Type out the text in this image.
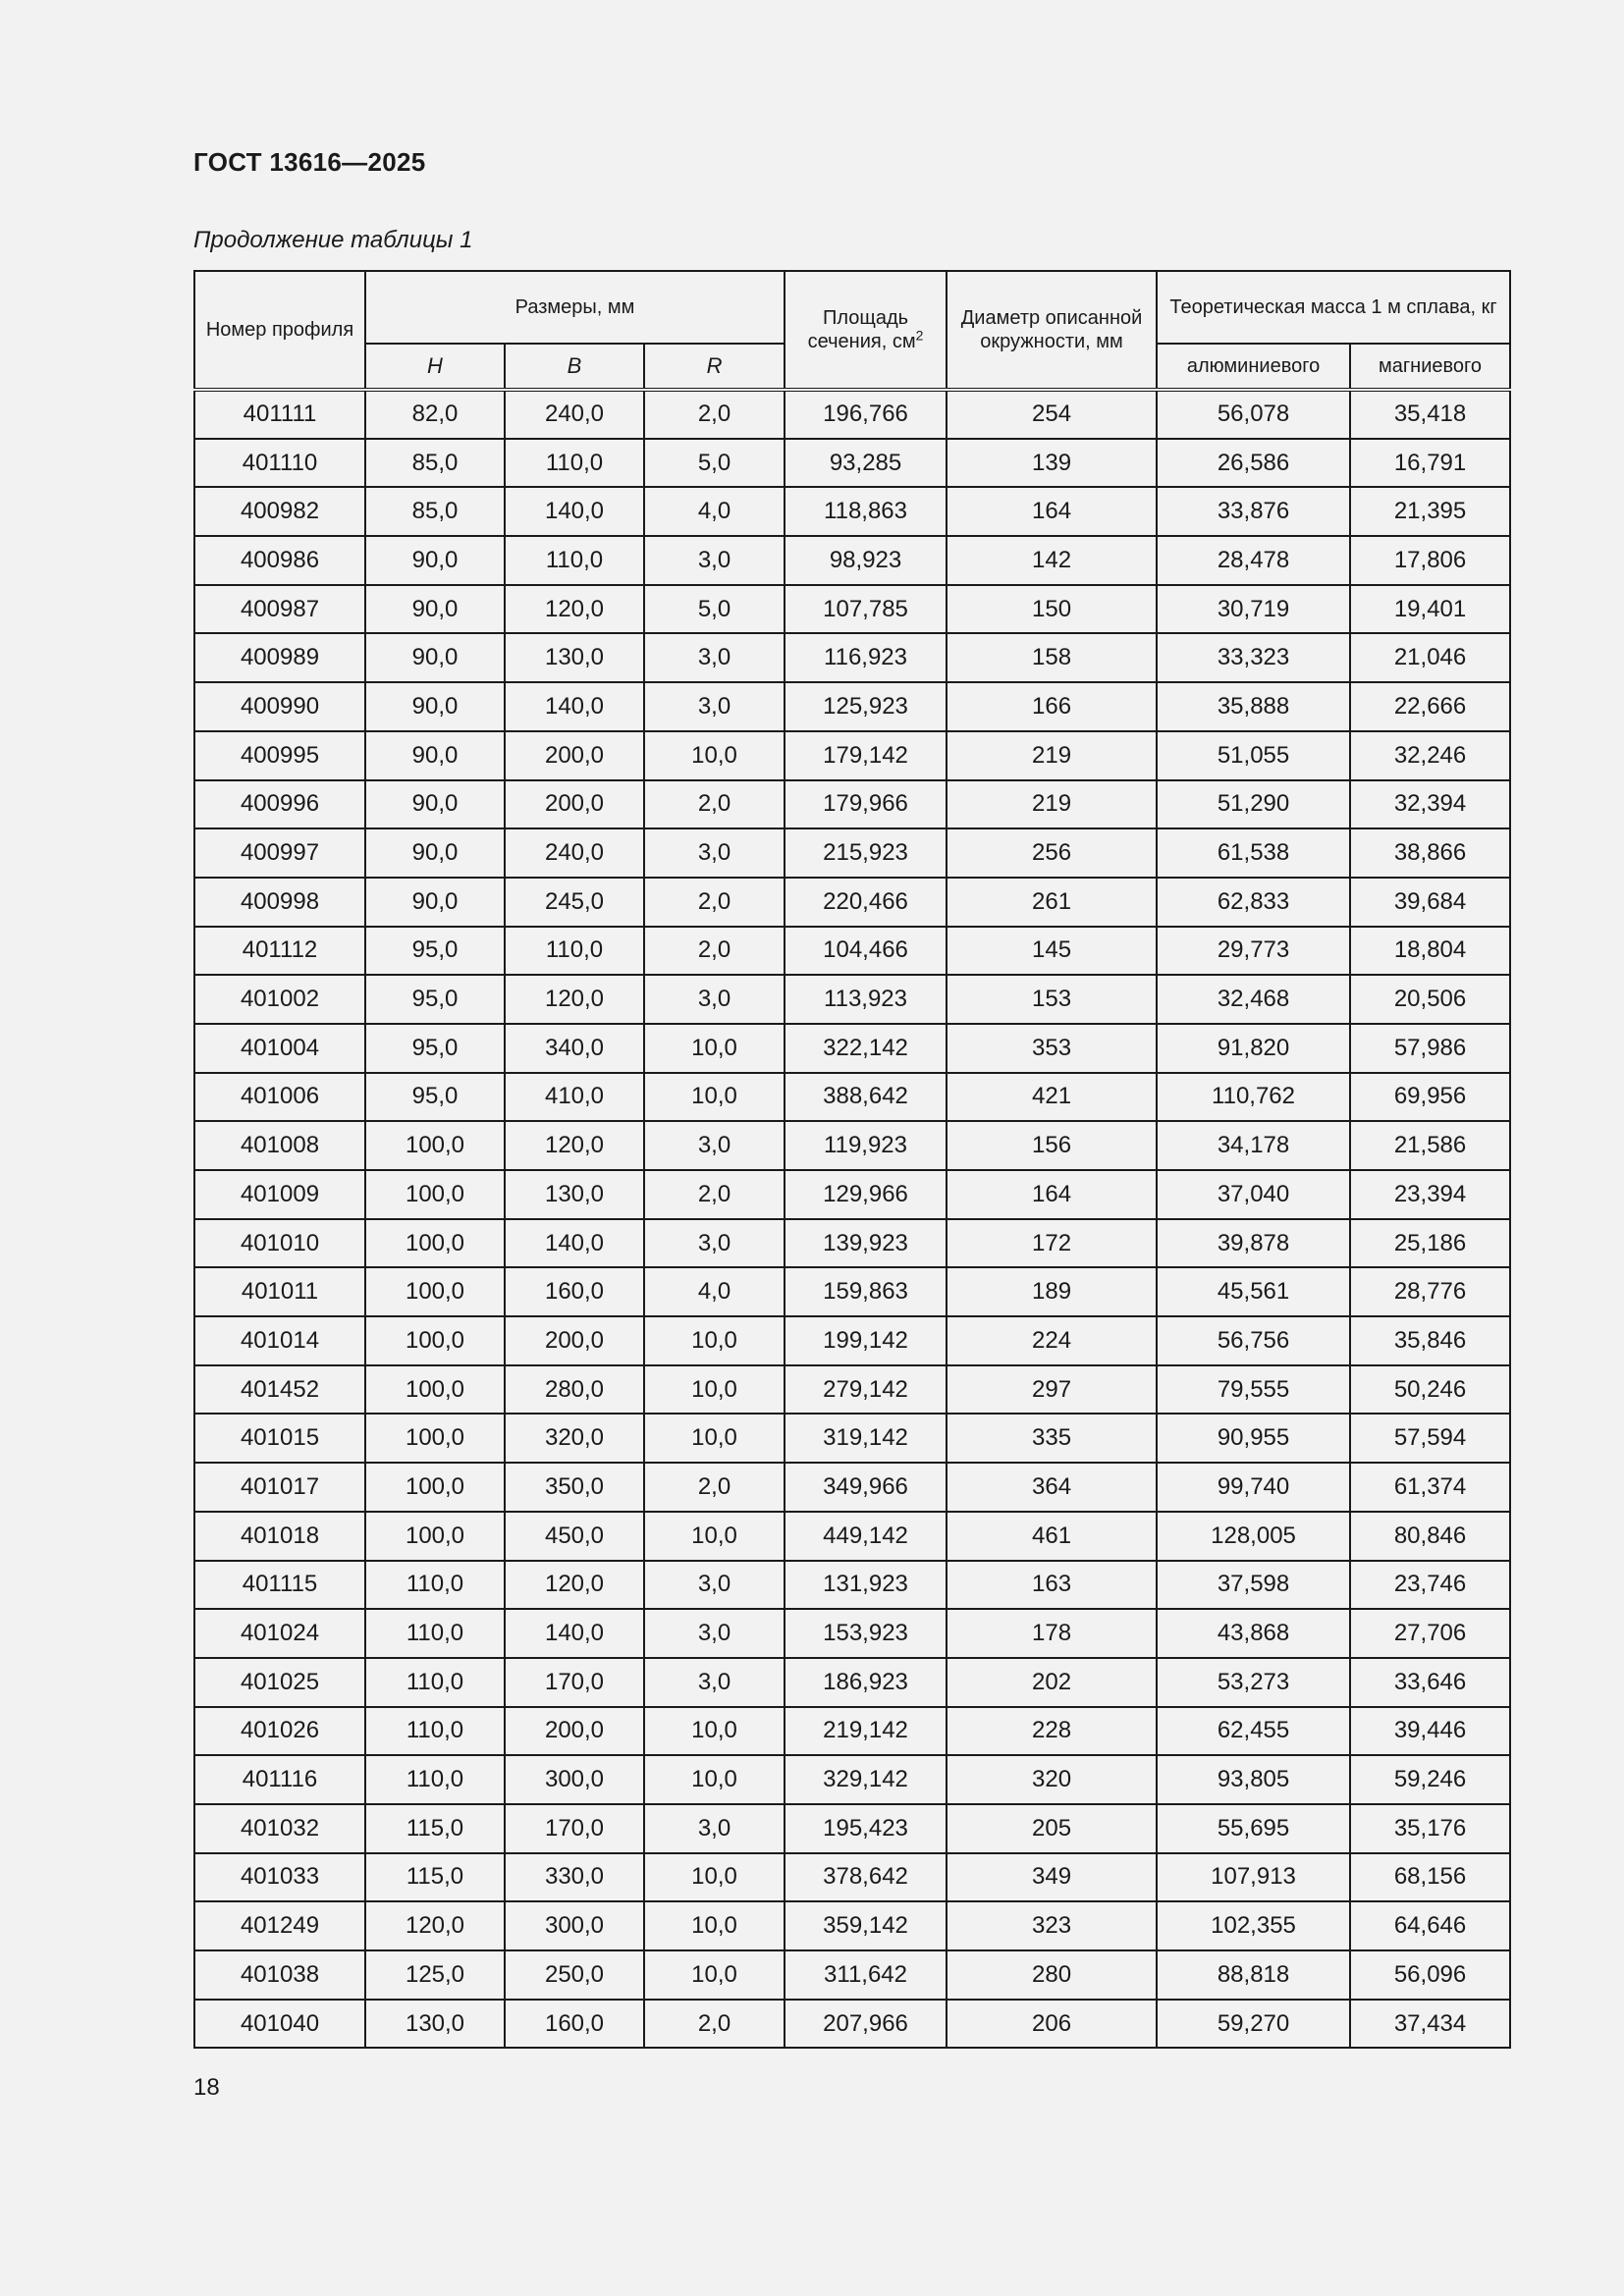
ГОСТ 13616—2025
Продолжение таблицы 1
Номер профиля	Размеры, мм			Площадь сечения, $см^2$	Диаметр описанной окружности, мм	Теоретическая масса 1 м сплава, кг	
	H	B	R			алюминиевого	магниевого
401111	82,0	240,0	2,0	196,766	254	56,078	35,418
401110	85,0	110,0	5,0	93,285	139	26,586	16,791
400982	85,0	140,0	4,0	118,863	164	33,876	21,395
400986	90,0	110,0	3,0	98,923	142	28,478	17,806
400987	90,0	120,0	5,0	107,785	150	30,719	19,401
400989	90,0	130,0	3,0	116,923	158	33,323	21,046
400990	90,0	140,0	3,0	125,923	166	35,888	22,666
400995	90,0	200,0	10,0	179,142	219	51,055	32,246
400996	90,0	200,0	2,0	179,966	219	51,290	32,394
400997	90,0	240,0	3,0	215,923	256	61,538	38,866
400998	90,0	245,0	2,0	220,466	261	62,833	39,684
401112	95,0	110,0	2,0	104,466	145	29,773	18,804
401002	95,0	120,0	3,0	113,923	153	32,468	20,506
401004	95,0	340,0	10,0	322,142	353	91,820	57,986
401006	95,0	410,0	10,0	388,642	421	110,762	69,956
401008	100,0	120,0	3,0	119,923	156	34,178	21,586
401009	100,0	130,0	2,0	129,966	164	37,040	23,394
401010	100,0	140,0	3,0	139,923	172	39,878	25,186
401011	100,0	160,0	4,0	159,863	189	45,561	28,776
401014	100,0	200,0	10,0	199,142	224	56,756	35,846
401452	100,0	280,0	10,0	279,142	297	79,555	50,246
401015	100,0	320,0	10,0	319,142	335	90,955	57,594
401017	100,0	350,0	2,0	349,966	364	99,740	61,374
401018	100,0	450,0	10,0	449,142	461	128,005	80,846
401115	110,0	120,0	3,0	131,923	163	37,598	23,746
401024	110,0	140,0	3,0	153,923	178	43,868	27,706
401025	110,0	170,0	3,0	186,923	202	53,273	33,646
401026	110,0	200,0	10,0	219,142	228	62,455	39,446
401116	110,0	300,0	10,0	329,142	320	93,805	59,246
401032	115,0	170,0	3,0	195,423	205	55,695	35,176
401033	115,0	330,0	10,0	378,642	349	107,913	68,156
401249	120,0	300,0	10,0	359,142	323	102,355	64,646
401038	125,0	250,0	10,0	311,642	280	88,818	56,096
401040	130,0	160,0	2,0	207,966	206	59,270	37,434
18
